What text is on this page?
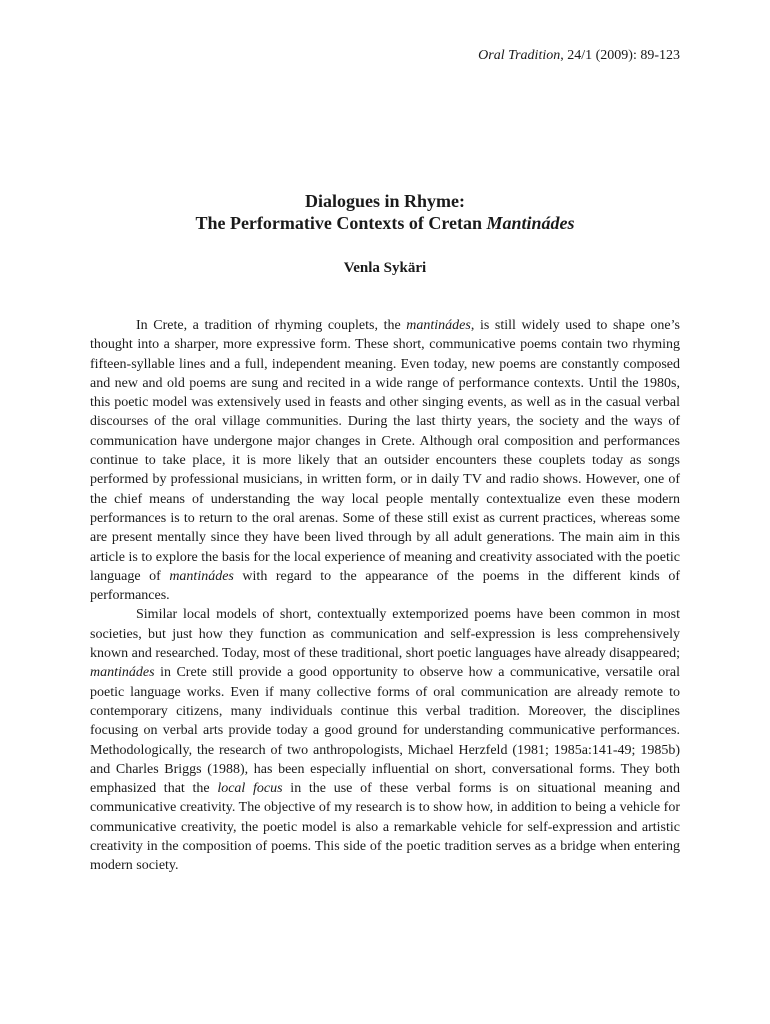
Oral Tradition, 24/1 (2009): 89-123
Dialogues in Rhyme:
The Performative Contexts of Cretan Mantinádes
Venla Sykäri

In Crete, a tradition of rhyming couplets, the mantinádes, is still widely used to shape one’s thought into a sharper, more expressive form. These short, communicative poems contain two rhyming fifteen-syllable lines and a full, independent meaning. Even today, new poems are constantly composed and new and old poems are sung and recited in a wide range of performance contexts. Until the 1980s, this poetic model was extensively used in feasts and other singing events, as well as in the casual verbal discourses of the oral village communities. During the last thirty years, the society and the ways of communication have undergone major changes in Crete. Although oral composition and performances continue to take place, it is more likely that an outsider encounters these couplets today as songs performed by professional musicians, in written form, or in daily TV and radio shows. However, one of the chief means of understanding the way local people mentally contextualize even these modern performances is to return to the oral arenas. Some of these still exist as current practices, whereas some are present mentally since they have been lived through by all adult generations. The main aim in this article is to explore the basis for the local experience of meaning and creativity associated with the poetic language of mantinádes with regard to the appearance of the poems in the different kinds of performances.

Similar local models of short, contextually extemporized poems have been common in most societies, but just how they function as communication and self-expression is less comprehensively known and researched. Today, most of these traditional, short poetic languages have already disappeared; mantinádes in Crete still provide a good opportunity to observe how a communicative, versatile oral poetic language works. Even if many collective forms of oral communication are already remote to contemporary citizens, many individuals continue this verbal tradition. Moreover, the disciplines focusing on verbal arts provide today a good ground for understanding communicative performances. Methodologically, the research of two anthropologists, Michael Herzfeld (1981; 1985a:141-49; 1985b) and Charles Briggs (1988), has been especially influential on short, conversational forms. They both emphasized that the local focus in the use of these verbal forms is on situational meaning and communicative creativity. The objective of my research is to show how, in addition to being a vehicle for communicative creativity, the poetic model is also a remarkable vehicle for self-expression and artistic creativity in the composition of poems. This side of the poetic tradition serves as a bridge when entering modern society.
